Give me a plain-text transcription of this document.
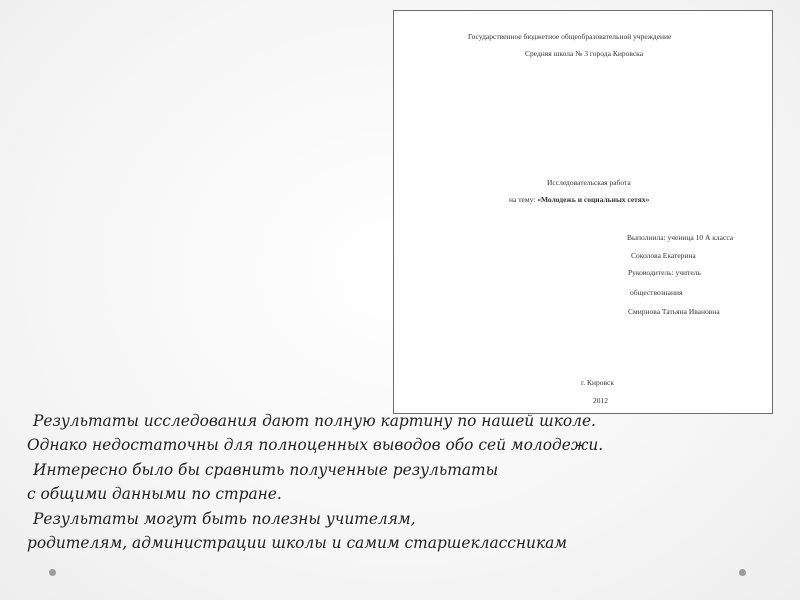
Государственное бюджетное общеобразовательной учреждение
Средняя школа № 3 города Кировска
Исследовательская работа
на тему: «Молодежь и социальных сетях»
Выполнила: ученица 10 А класса
Соколова Екатерина
Руководитель: учитель
обществознания
Смирнова Татьяна Ивановна
г. Кировск
2012
Результаты исследования дают полную картину по нашей школе.
Однако недостаточны для полноценных выводов обо сей молодежи.
Интересно было бы сравнить полученные результаты
с общими данными по стране.
Результаты могут быть полезны учителям,
родителям, администрации школы и самим старшеклассникам
